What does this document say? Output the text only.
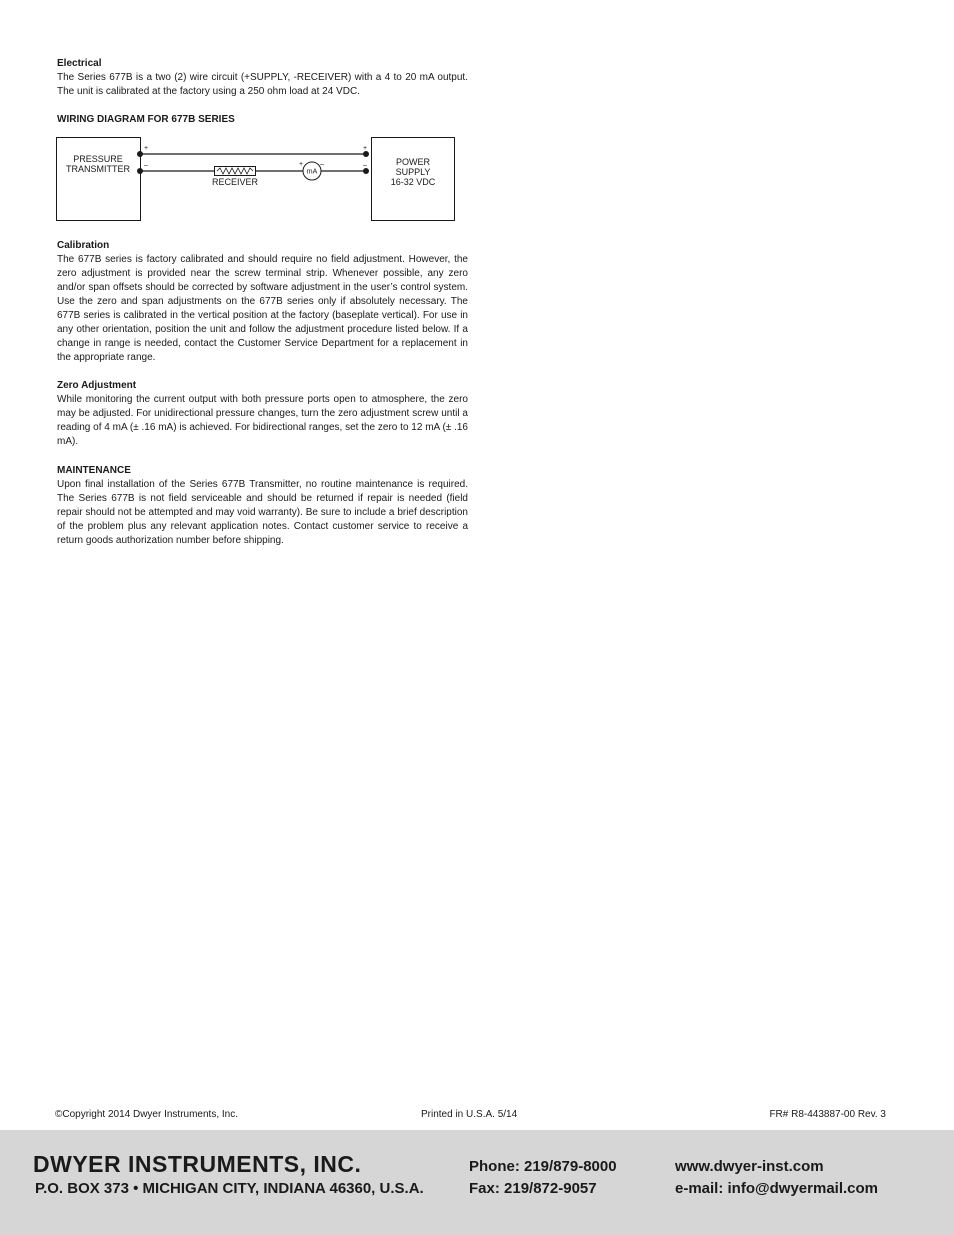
Electrical

The Series 677B is a two (2) wire circuit (+SUPPLY, -RECEIVER) with a 4 to 20 mA output. The unit is calibrated at the factory using a 250 ohm load at 24 VDC.

WIRING DIAGRAM FOR 677B SERIES

PRESSURE
TRANSMITTER
POWER
SUPPLY
16-32 VDC
+	+
mA
+ –
–	–
RECEIVER

Calibration

The 677B series is factory calibrated and should require no field adjustment. However, the zero adjustment is provided near the screw terminal strip. Whenever possible, any zero and/or span offsets should be corrected by software adjustment in the user’s control system. Use the zero and span adjustments on the 677B series only if absolutely necessary. The 677B series is calibrated in the vertical position at the factory (baseplate vertical). For use in any other orientation, position the unit and follow the adjustment procedure listed below. If a change in range is needed, contact the Customer Service Department for a replacement in the appropriate range.

Zero Adjustment

While monitoring the current output with both pressure ports open to atmosphere, the zero may be adjusted. For unidirectional pressure changes, turn the zero adjustment screw until a reading of 4 mA (± .16 mA) is achieved. For bidirectional ranges, set the zero to 12 mA (± .16 mA).

MAINTENANCE

Upon final installation of the Series 677B Transmitter, no routine maintenance is required. The Series 677B is not field serviceable and should be returned if repair is needed (field repair should not be attempted and may void warranty). Be sure to include a brief description of the problem plus any relevant application notes. Contact customer service to receive a return goods authorization number before shipping.

©Copyright 2014 Dwyer Instruments, Inc.	Printed in U.S.A. 5/14	FR# R8-443887-00 Rev. 3
DWYER INSTRUMENTS, INC.
P.O. BOX 373 • MICHIGAN CITY, INDIANA 46360, U.S.A.
Phone: 219/879-8000
Fax: 219/872-9057
www.dwyer-inst.com
e-mail: info@dwyermail.com
